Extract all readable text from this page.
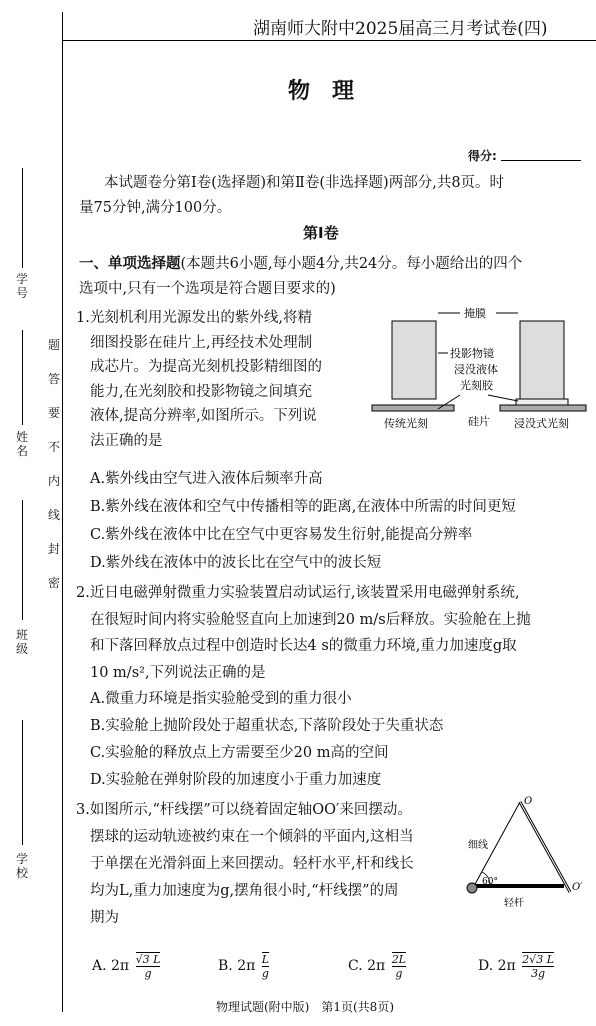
湖南师大附中2025届高三月考试卷(四)
物　理
得分:
学号
姓名
班级
学校
题
答
要
不
内
线
封
密
本试题卷分第Ⅰ卷(选择题)和第Ⅱ卷(非选择题)两部分,共8页。时
量75分钟,满分100分。
第Ⅰ卷
一、单项选择题(本题共6小题,每小题4分,共24分。每小题给出的四个
选项中,只有一个选项是符合题目要求的)
1.光刻机利用光源发出的紫外线,将精
细图投影在硅片上,再经技术处理制
成芯片。为提高光刻机投影精细图的
能力,在光刻胶和投影物镜之间填充
液体,提高分辨率,如图所示。下列说
法正确的是
掩膜
投影物镜
浸没液体
光刻胶
硅片
传统光刻	浸没式光刻
A.紫外线由空气进入液体后频率升高
B.紫外线在液体和空气中传播相等的距离,在液体中所需的时间更短
C.紫外线在液体中比在空气中更容易发生衍射,能提高分辨率
D.紫外线在液体中的波长比在空气中的波长短
2.近日电磁弹射微重力实验装置启动试运行,该装置采用电磁弹射系统,
在很短时间内将实验舱竖直向上加速到20 m/s后释放。实验舱在上抛
和下落回释放点过程中创造时长达4 s的微重力环境,重力加速度g取
10 m/s²,下列说法正确的是
A.微重力环境是指实验舱受到的重力很小
B.实验舱上抛阶段处于超重状态,下落阶段处于失重状态
C.实验舱的释放点上方需要至少20 m高的空间
D.实验舱在弹射阶段的加速度小于重力加速度
3.如图所示,“杆线摆”可以绕着固定轴OO′来回摆动。
摆球的运动轨迹被约束在一个倾斜的平面内,这相当
于单摆在光滑斜面上来回摆动。轻杆水平,杆和线长
均为L,重力加速度为g,摆角很小时,“杆线摆”的周
期为
O
O′
细线
60°
轻杆
A. $2\pi \frac{√3 L}{g}$	B. $2\pi \frac{L}{g}$	C. $2\pi \frac{2L}{g}$	D. $2\pi \frac{2√3 L}{3g}$
物理试题(附中版)　第1页(共8页)
